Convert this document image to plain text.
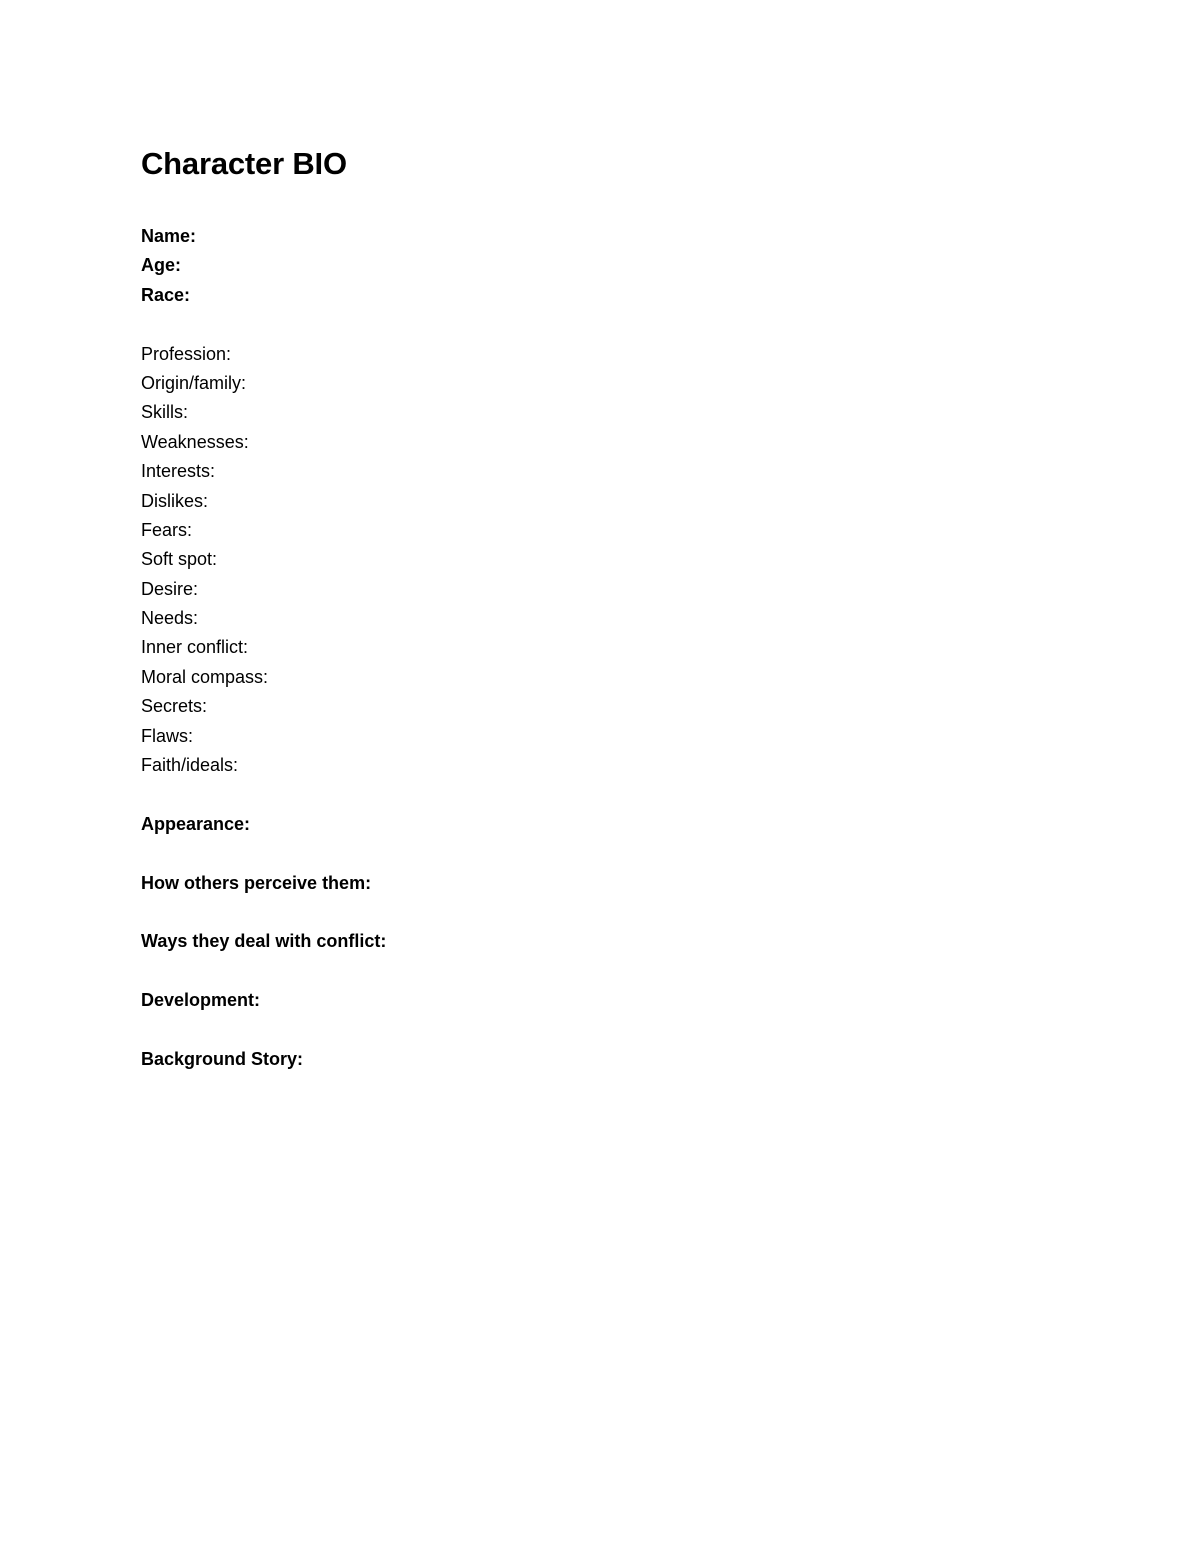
Character BIO
Name:
Age:
Race:
Profession:
Origin/family:
Skills:
Weaknesses:
Interests:
Dislikes:
Fears:
Soft spot:
Desire:
Needs:
Inner conflict:
Moral compass:
Secrets:
Flaws:
Faith/ideals:
Appearance:
How others perceive them:
Ways they deal with conflict:
Development:
Background Story:
